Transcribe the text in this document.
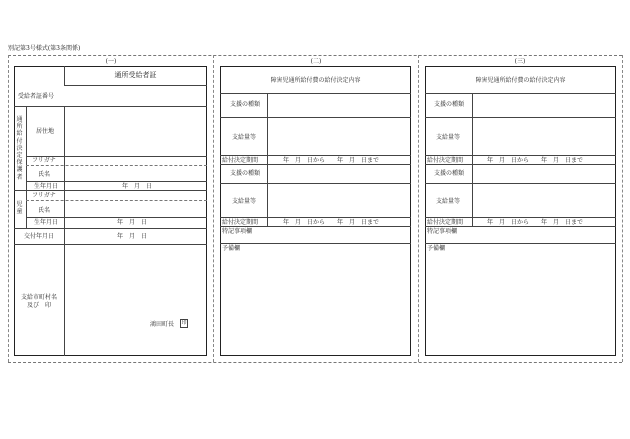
別記第3号様式(第3条関係)
(一)	(二)	(三)
通所受給者証
受給者証番号
通所給付決定保護者
居住地
フリガナ
氏名
生年月日	年　月　日
児童
フリガナ
氏名
生年月日	年　月　日
交付年月日	年　月　日
支給市町村名
及び　印
鴻田町長 印
障害児通所給付費の給付決定内容
支援の種類
支給量等
給付決定期間	年　月　日から　　年　月　日まで
支援の種類
支給量等
給付決定期間	年　月　日から　　年　月　日まで
特記事項欄
予備欄
障害児通所給付費の給付決定内容
支援の種類
支給量等
給付決定期間	年　月　日から　　年　月　日まで
支援の種類
支給量等
給付決定期間	年　月　日から　　年　月　日まで
特記事項欄
予備欄
